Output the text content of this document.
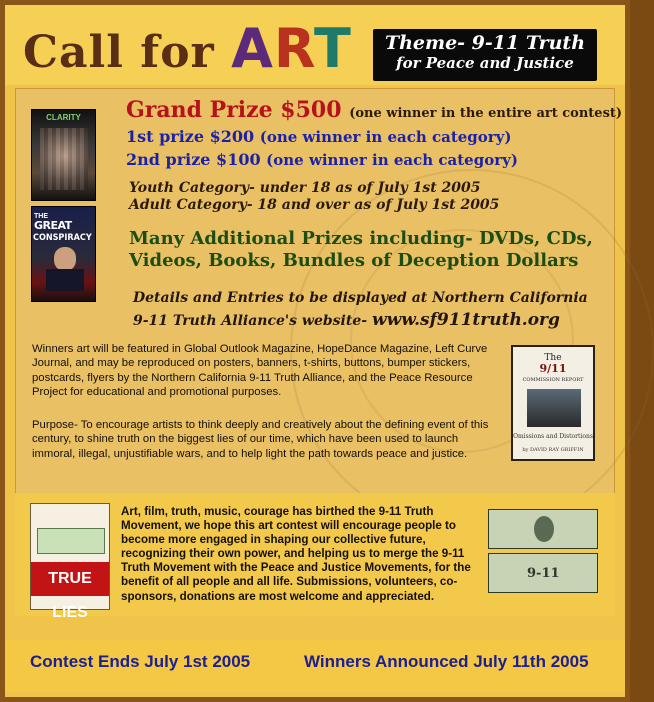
Call for ART	Theme- 9-11 Truth
for Peace and Justice
CLARITY
THE
GREAT
CONSPIRACY
Grand Prize $500 (one winner in the entire art contest)
1st prize $200 (one winner in each category)
2nd prize $100 (one winner in each category)
Youth Category- under 18 as of July 1st 2005
Adult Category- 18 and over as of July 1st 2005
Many Additional Prizes including- DVDs, CDs, Videos, Books, Bundles of Deception Dollars
Details and Entries to be displayed at Northern California
9-11 Truth Alliance's website- www.sf911truth.org
Winners art will be featured in Global Outlook Magazine, HopeDance Magazine, Left Curve Journal, and may be reproduced on posters, banners, t-shirts, buttons, bumper stickers, postcards, flyers by the Northern California 9-11 Truth Alliance, and the Peace Resource Project for educational and promotional purposes.
Purpose- To encourage artists to think deeply and creatively about the defining event of this century, to shine truth on the biggest lies of our time, which have been used to launch immoral, illegal, unjustifiable wars, and to help light the path towards peace and justice.
The
9/11
COMMISSION REPORT
Omissions and Distortions
by DAVID RAY GRIFFIN
TRUE LIES
Art, film, truth, music, courage has birthed the 9-11 Truth Movement, we hope this art contest will encourage people to become more engaged in shaping our collective future, recognizing their own power, and helping us to merge the 9-11 Truth Movement with the Peace and Justice Movements, for the benefit of all people and all life. Submissions, volunteers, co-sponsors, donations are most welcome and appreciated.
9-11
Contest Ends July 1st 2005	Winners Announced July 11th 2005
